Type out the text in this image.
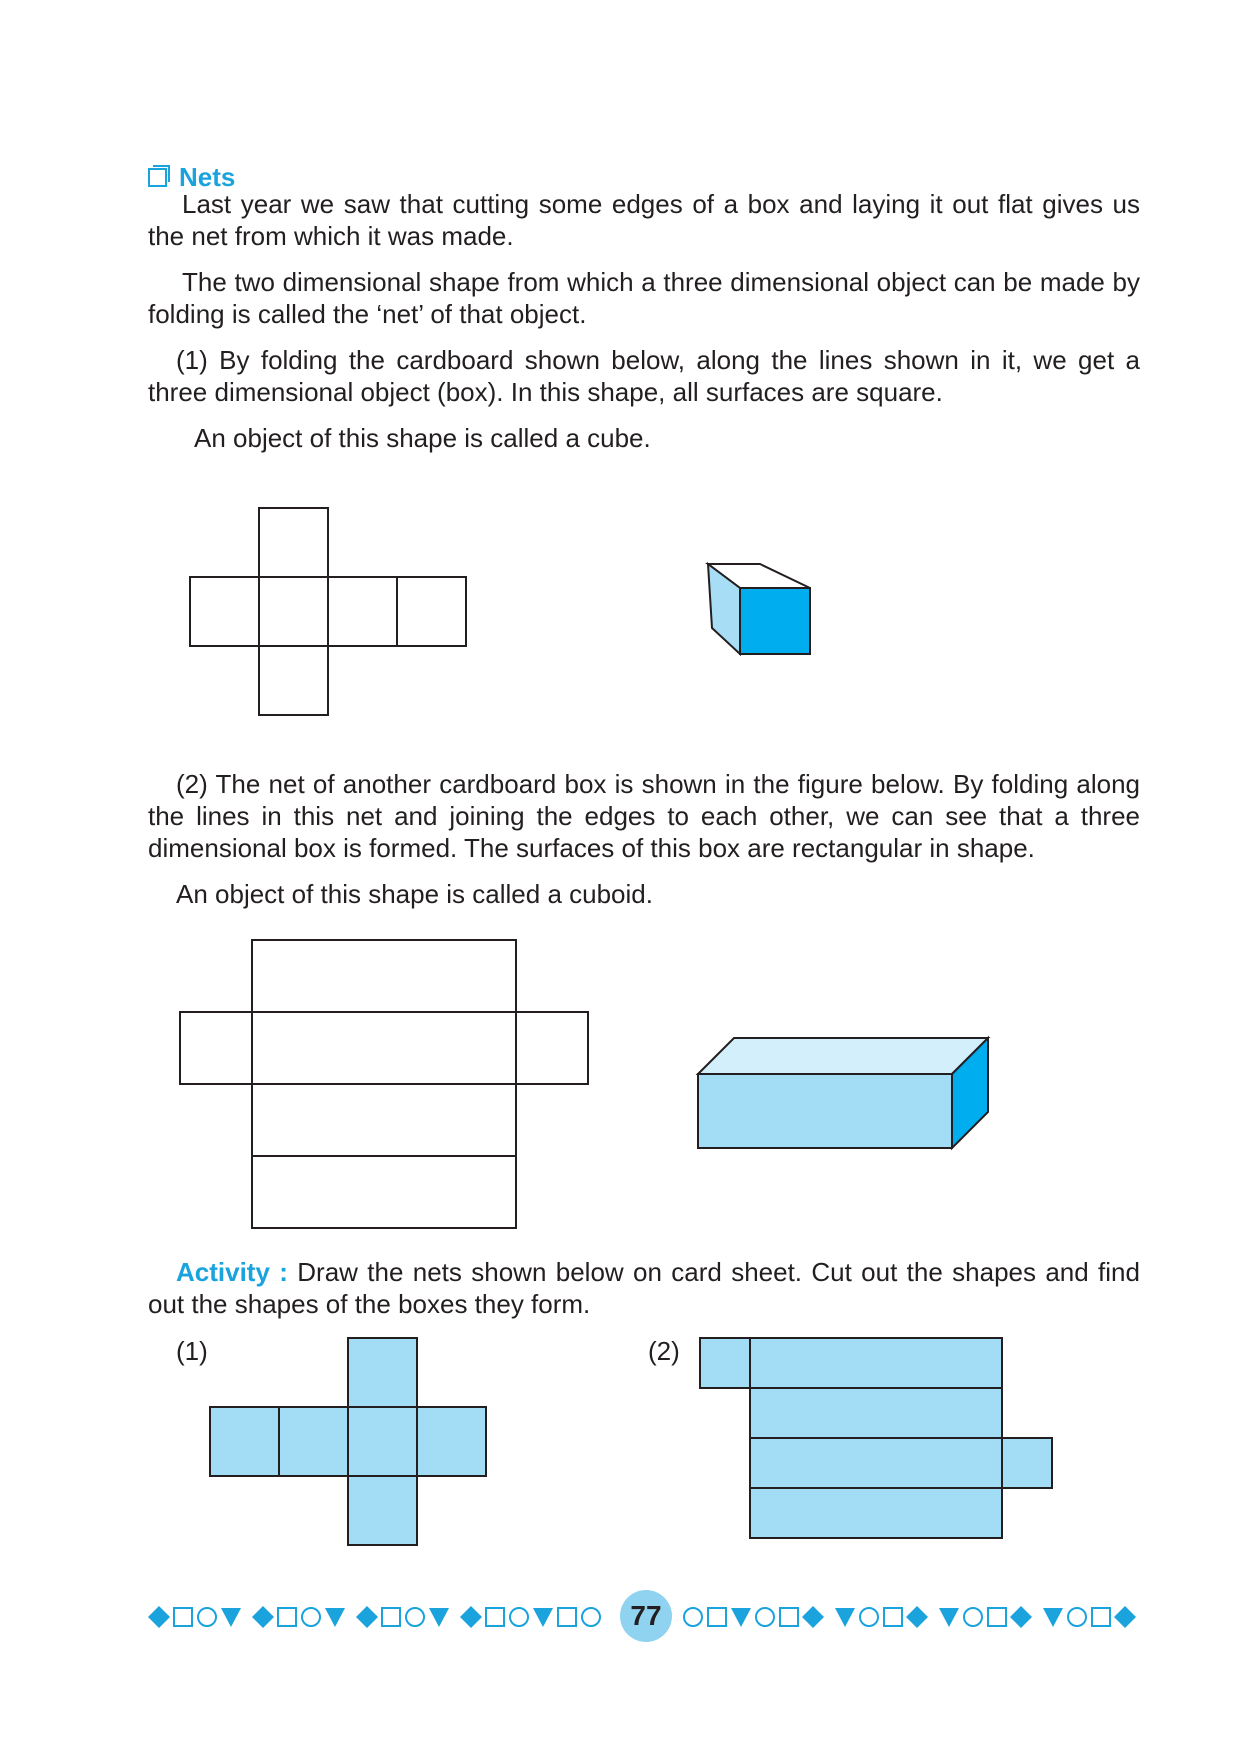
Nets

Last year we saw that cutting some edges of a box and laying it out flat gives us the net from which it was made.

The two dimensional shape from which a three dimensional object can be made by folding is called the ‘net’ of that object.

(1) By folding the cardboard shown below, along the lines shown in it, we get a three dimensional object (box). In this shape, all surfaces are square.

An object of this shape is called a cube.

(2) The net of another cardboard box is shown in the figure below. By folding along the lines in this net and joining the edges to each other, we can see that a three dimensional box is formed. The surfaces of this box are rectangular in shape.

An object of this shape is called a cuboid.

Activity : Draw the nets shown below on card sheet. Cut out the shapes and find out the shapes of the boxes they form.

(1)	(2)
77
